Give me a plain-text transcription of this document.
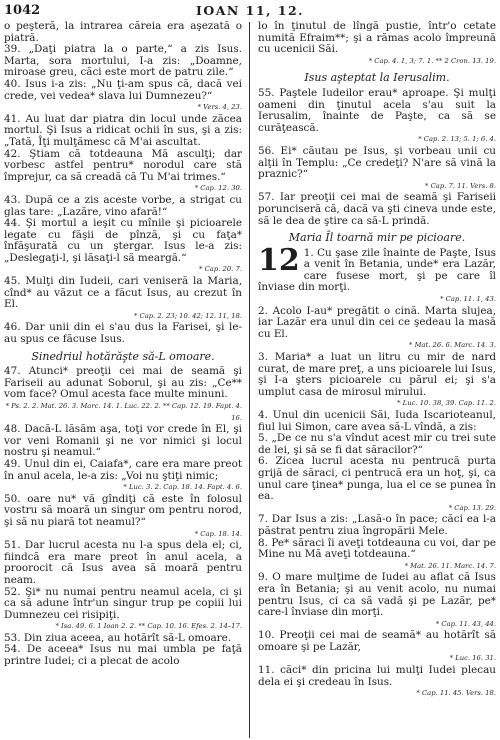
1042	IOAN 11, 12.

o peşteră, la intrarea căreia era aşezată o piatră.

39. „Daţi piatra la o parte,“ a zis Isus. Marta, sora mortului, I-a zis: „Doamne, miroase greu, căci este mort de patru zile.“

40. Isus i-a zis: „Nu ţi-am spus că, dacă vei crede, vei vedea* slava lui Dumnezeu?“
* Vers. 4, 23.

41. Au luat dar piatra din locul unde zăcea mortul. Şi Isus a ridicat ochii în sus, şi a zis: „Tată, Îţi mulţămesc că M'ai ascultat.

42. Ştiam că totdeauna Mă asculţi; dar vorbesc astfel pentru* norodul care stă împrejur, ca să creadă că Tu M'ai trimes.“
* Cap. 12. 30.

43. După ce a zis aceste vorbe, a strigat cu glas tare: „Lazăre, vino afară!“

44. Şi mortul a ieşit cu mînile şi picioarele legate cu făşii de pînză, şi cu faţa* înfăşurată cu un ştergar. Isus le-a zis: „Deslegaţi-l, şi lăsaţi-l să meargă.“
* Cap. 20. 7.

45. Mulţi din Iudeii, cari veniseră la Maria, cînd* au văzut ce a făcut Isus, au crezut în El.
* Cap. 2. 23; 10. 42; 12. 11, 18.

46. Dar unii din ei s'au dus la Farisei, şi le-au spus ce făcuse Isus.

Sinedriul hotărăşte să-L omoare.

47. Atunci* preoţii cei mai de seamă şi Fariseii au adunat Soborul, şi au zis: „Ce** vom face? Omul acesta face multe minuni.
* Ps. 2. 2. Mat. 26. 3. Marc. 14. 1. Luc. 22. 2. ** Cap. 12. 19. Fapt. 4. 16.

48. Dacă-L lăsăm aşa, toţi vor crede în El, şi vor veni Romanii şi ne vor nimici şi locul nostru şi neamul.“

49. Unul din ei, Caiafa*, care era mare preot în anul acela, le-a zis: „Voi nu ştiţi nimic;
* Luc. 3. 2. Cap. 18. 14. Fapt. 4. 6.

50. oare nu* vă gîndiţi că este în folosul vostru să moară un singur om pentru norod, şi să nu piară tot neamul?“
* Cap. 18. 14.

51. Dar lucrul acesta nu l-a spus dela el; ci, fiindcă era mare preot în anul acela, a proorocit că Isus avea să moară pentru neam.

52. Şi* nu numai pentru neamul acela, ci şi ca să adune într'un singur trup pe copiii lui Dumnezeu cei risipiţi.
* Isa. 49. 6. 1 Ioan 2. 2. ** Cap. 10. 16. Efes. 2. 14–17.

53. Din ziua aceea, au hotărît să-L omoare.

54. De aceea* Isus nu mai umbla pe faţă printre Iudei; ci a plecat de acolo

lo în ţinutul de lîngă pustie, într'o cetate numită Efraim**; şi a rămas acolo împreună cu ucenicii Săi.
* Cap. 4. 1, 3; 7. 1. ** 2 Cron. 13. 19.

Isus aşteptat la Ierusalim.

55. Paştele Iudeilor erau* aproape. Şi mulţi oameni din ţinutul acela s'au suit la Ierusalim, înainte de Paşte, ca să se curăţească.
* Cap. 2. 13; 5. 1; 6. 4.

56. Ei* căutau pe Isus, şi vorbeau unii cu alţii în Templu: „Ce credeţi? N'are să vină la praznic?“
* Cap. 7. 11. Vers. 8.

57. Iar preoţii cei mai de seamă şi Fariseii porunciseră că, dacă va şti cineva unde este, să le dea de ştire ca să-L prindă.

Maria Îl toarnă mir pe picioare.
12 1. Cu şase zile înainte de Paşte, Isus a venit în Betania, unde* era Lazăr, care fusese mort, şi pe care îl înviase din morţi.
* Cap. 11. 1, 43.

2. Acolo I-au* pregătit o cină. Marta slujea, iar Lazăr era unul din cei ce şedeau la masă cu El.
* Mat. 26. 6. Marc. 14. 3.

3. Maria* a luat un litru cu mir de nard curat, de mare preţ, a uns picioarele lui Isus, şi I-a şters picioarele cu părul ei; şi s'a umplut casa de mirosul mirului.
* Luc. 10. 38, 39. Cap. 11. 2.

4. Unul din ucenicii Săi, Iuda Iscarioteanul, fiul lui Simon, care avea să-L vîndă, a zis:

5. „De ce nu s'a vîndut acest mir cu trei sute de lei, şi să se fi dat săracilor?“

6. Zicea lucrul acesta nu pentrucă purta grijă de săraci, ci pentrucă era un hoţ, şi, ca unul care ţinea* punga, lua el ce se punea în ea.
* Cap. 13. 29.

7. Dar Isus a zis: „Lasă-o în pace; căci ea l-a păstrat pentru ziua îngropării Mele.

8. Pe* săraci îi aveţi totdeauna cu voi, dar pe Mine nu Mă aveţi totdeauna.“
* Mat. 26. 11. Marc. 14. 7.

9. O mare mulţime de Iudei au aflat că Isus era în Betania; şi au venit acolo, nu numai pentru Isus, ci ca să vadă şi pe Lazăr, pe* care-l înviase din morţi.
* Cap. 11. 43, 44.

10. Preoţii cei mai de seamă* au hotărît să omoare şi pe Lazăr,
* Luc. 16. 31.

11. căci* din pricina lui mulţi Iudei plecau dela ei şi credeau în Isus.
* Cap. 11. 45. Vers. 18.
